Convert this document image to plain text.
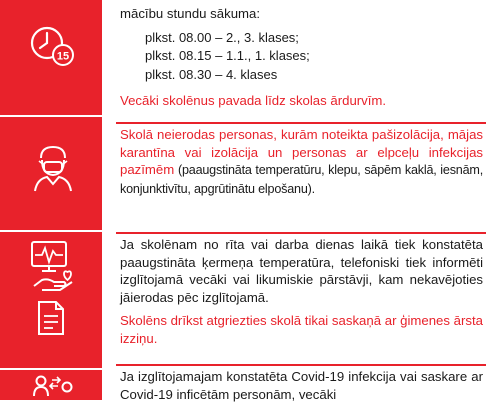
15
mācību stundu sākuma:
plkst. 08.00 – 2., 3. klases;
plkst. 08.15 – 1.1., 1. klases;
plkst. 08.30 – 4. klases
Vecāki skolēnus pavada līdz skolas ārdurvīm.
Skolā neierodas personas, kurām noteikta pašizolācija, mājas karantīna vai izolācija un personas ar elpceļu infekcijas pazīmēm (paaugstināta temperatūru, klepu, sāpēm kaklā, iesnām, konjunktivītu, apgrūtinātu elpošanu).
Ja skolēnam no rīta vai darba dienas laikā tiek konstatēta paaugstināta ķermeņa temperatūra, telefoniski tiek informēti izglītojamā vecāki vai likumiskie pārstāvji, kam nekavējoties jāierodas pēc izglītojamā.
Skolēns drīkst atgriezties skolā tikai saskaņā ar ģimenes ārsta izziņu.
Ja izglītojamajam konstatēta Covid-19 infekcija vai saskare ar Covid-19 inficētām personām, vecāki
